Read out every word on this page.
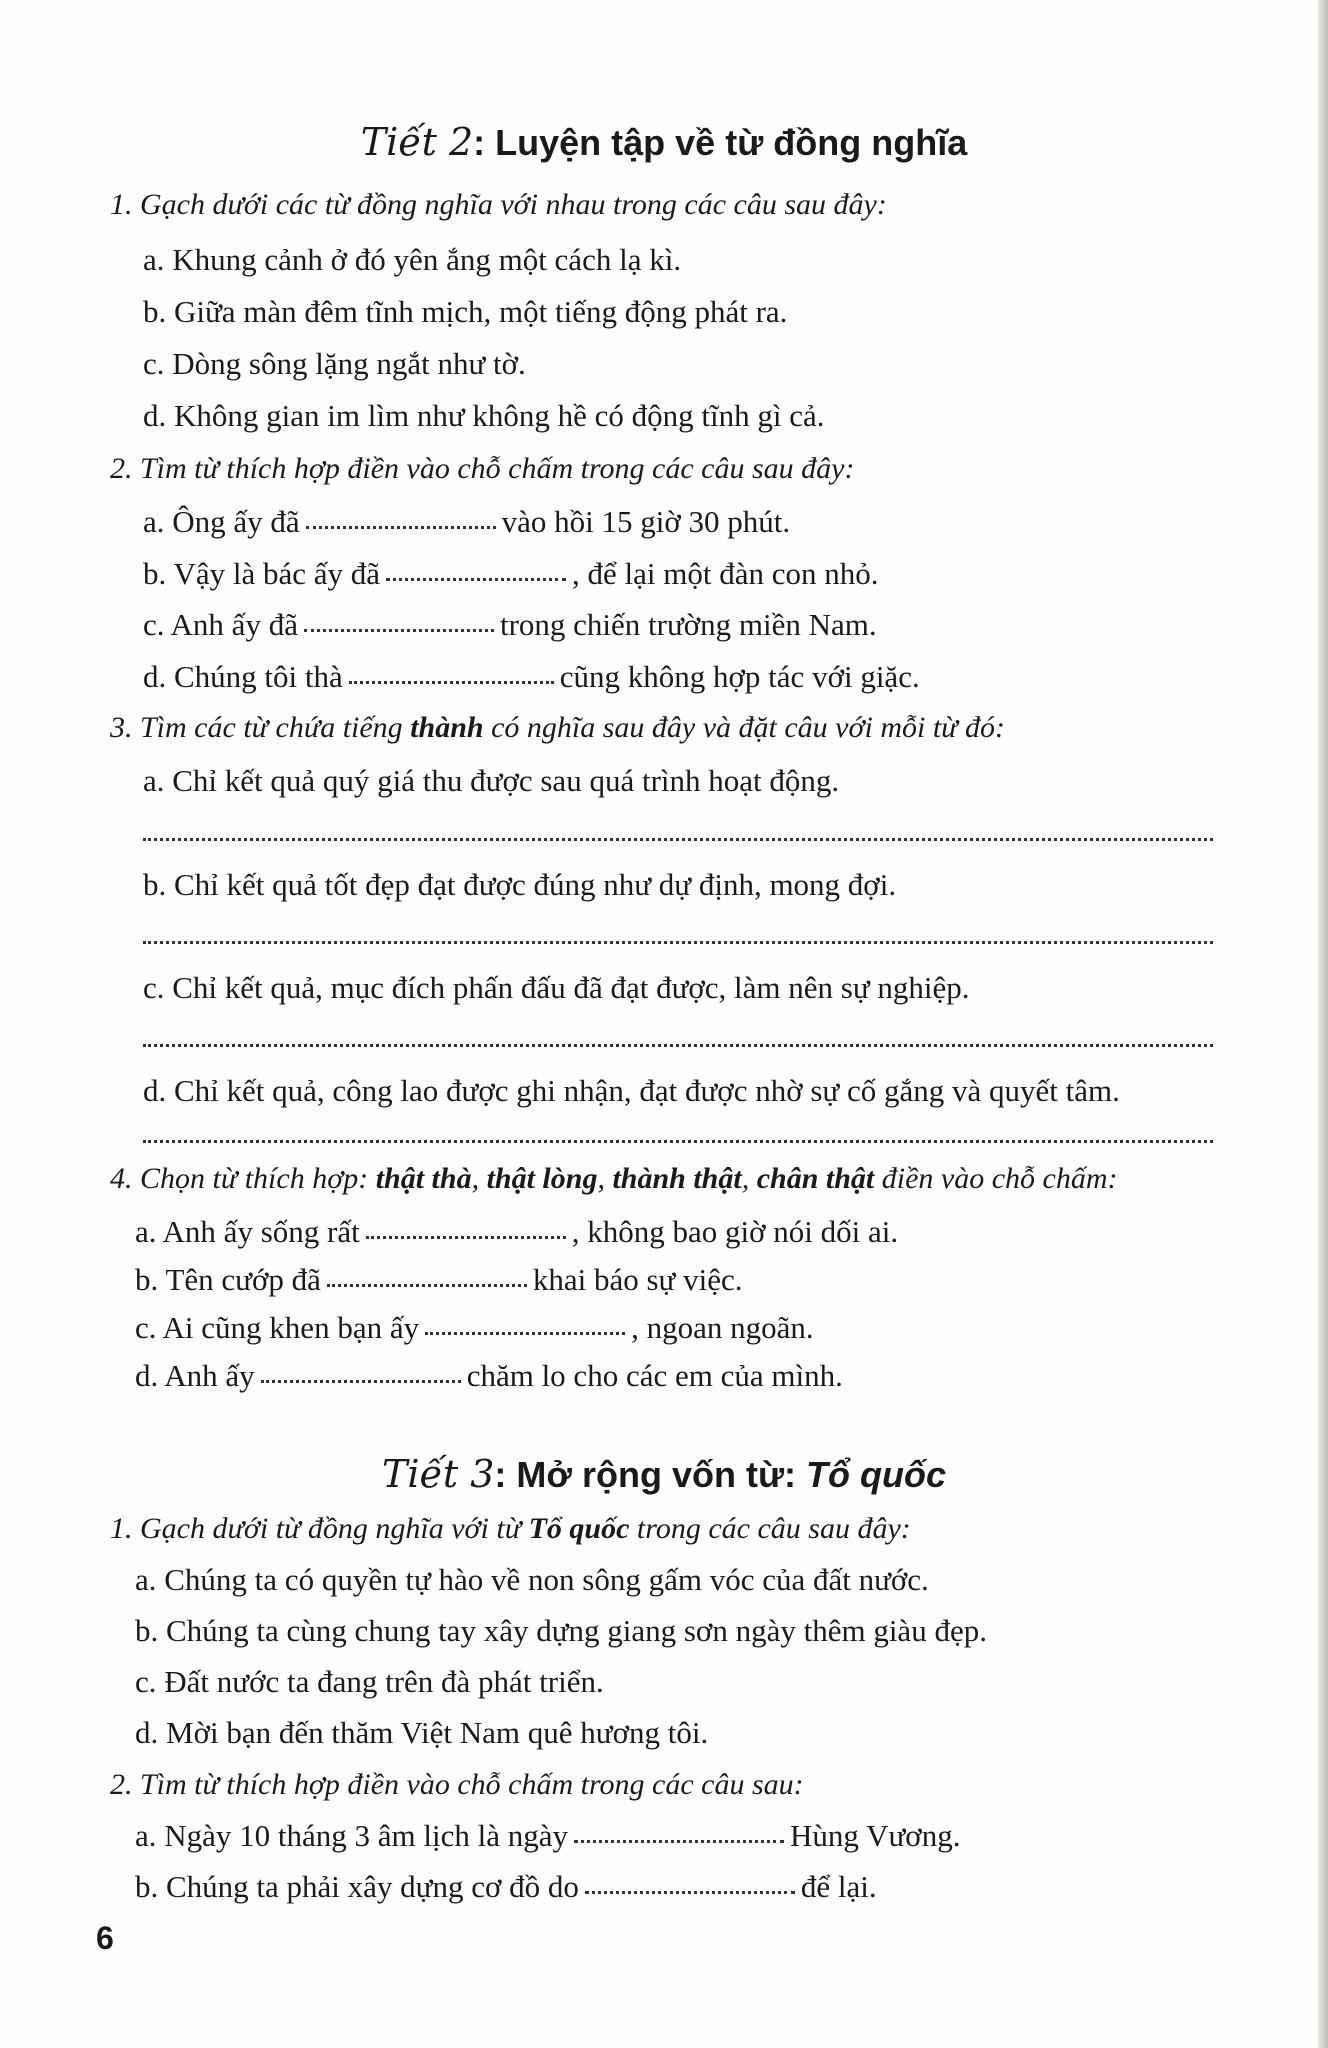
Tiết 2: Luyện tập về từ đồng nghĩa
1. Gạch dưới các từ đồng nghĩa với nhau trong các câu sau đây:
a. Khung cảnh ở đó yên ắng một cách lạ kì.
b. Giữa màn đêm tĩnh mịch, một tiếng động phát ra.
c. Dòng sông lặng ngắt như tờ.
d. Không gian im lìm như không hề có động tĩnh gì cả.
2. Tìm từ thích hợp điền vào chỗ chấm trong các câu sau đây:
a. Ông ấy đã	vào hồi 15 giờ 30 phút.
b. Vậy là bác ấy đã	, để lại một đàn con nhỏ.
c. Anh ấy đã	trong chiến trường miền Nam.
d. Chúng tôi thà	cũng không hợp tác với giặc.
3. Tìm các từ chứa tiếng thành có nghĩa sau đây và đặt câu với mỗi từ đó:
a. Chỉ kết quả quý giá thu được sau quá trình hoạt động.
b. Chỉ kết quả tốt đẹp đạt được đúng như dự định, mong đợi.
c. Chỉ kết quả, mục đích phấn đấu đã đạt được, làm nên sự nghiệp.
d. Chỉ kết quả, công lao được ghi nhận, đạt được nhờ sự cố gắng và quyết tâm.
4. Chọn từ thích hợp: thật thà, thật lòng, thành thật, chân thật điền vào chỗ chấm:
a. Anh ấy sống rất	, không bao giờ nói dối ai.
b. Tên cướp đã	khai báo sự việc.
c. Ai cũng khen bạn ấy	, ngoan ngoãn.
d. Anh ấy	chăm lo cho các em của mình.
Tiết 3: Mở rộng vốn từ: Tổ quốc
1. Gạch dưới từ đồng nghĩa với từ Tổ quốc trong các câu sau đây:
a. Chúng ta có quyền tự hào về non sông gấm vóc của đất nước.
b. Chúng ta cùng chung tay xây dựng giang sơn ngày thêm giàu đẹp.
c. Đất nước ta đang trên đà phát triển.
d. Mời bạn đến thăm Việt Nam quê hương tôi.
2. Tìm từ thích hợp điền vào chỗ chấm trong các câu sau:
a. Ngày 10 tháng 3 âm lịch là ngày	Hùng Vương.
b. Chúng ta phải xây dựng cơ đồ do	để lại.
6
